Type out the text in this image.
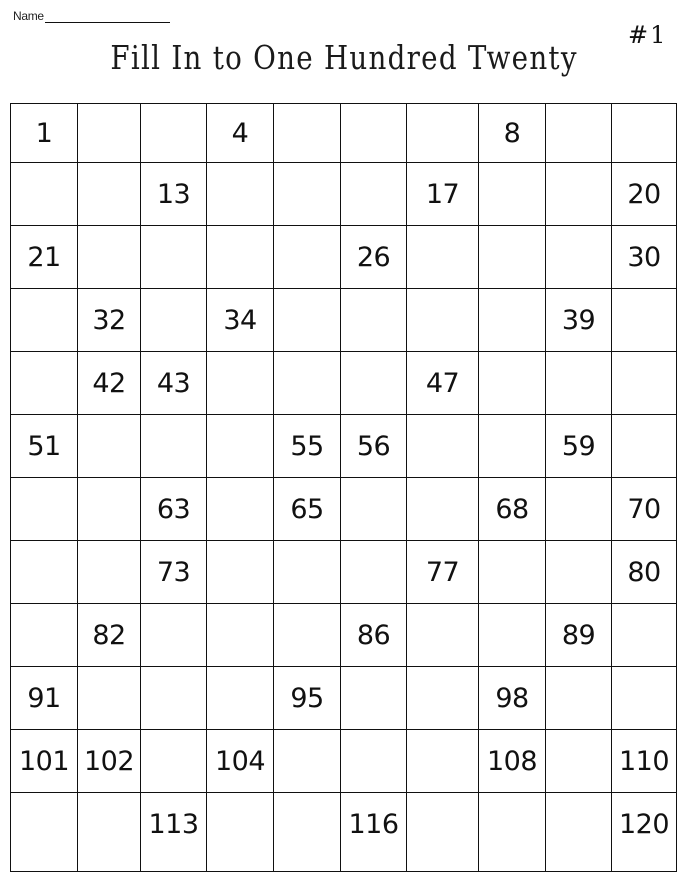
Name
#1
Fill In to One Hundred Twenty
1			4				8		
		13				17			20
21					26				30
	32		34					39	
	42	43				47			
51				55	56			59	
		63		65			68		70
		73				77			80
	82				86			89	
91				95			98		
101	102		104				108		110
		113			116				120
